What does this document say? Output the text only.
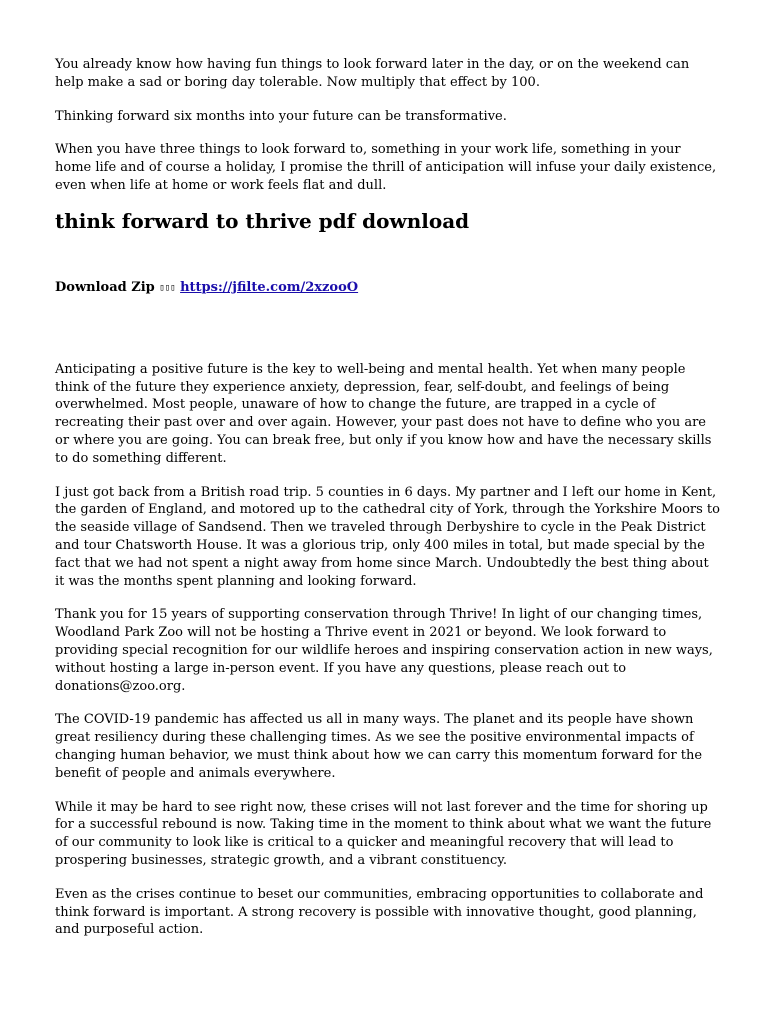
You already know how having fun things to look forward later in the day, or on the weekend can help make a sad or boring day tolerable. Now multiply that effect by 100.

Thinking forward six months into your future can be transformative.

When you have three things to look forward to, something in your work life, something in your home life and of course a holiday, I promise the thrill of anticipation will infuse your daily existence, even when life at home or work feels flat and dull.

think forward to thrive pdf download
Download Zip ▯▯▯ https://jfilte.com/2xzooO

Anticipating a positive future is the key to well-being and mental health. Yet when many people think of the future they experience anxiety, depression, fear, self-doubt, and feelings of being overwhelmed. Most people, unaware of how to change the future, are trapped in a cycle of recreating their past over and over again. However, your past does not have to define who you are or where you are going. You can break free, but only if you know how and have the necessary skills to do something different.

I just got back from a British road trip. 5 counties in 6 days. My partner and I left our home in Kent, the garden of England, and motored up to the cathedral city of York, through the Yorkshire Moors to the seaside village of Sandsend. Then we traveled through Derbyshire to cycle in the Peak District and tour Chatsworth House. It was a glorious trip, only 400 miles in total, but made special by the fact that we had not spent a night away from home since March. Undoubtedly the best thing about it was the months spent planning and looking forward.

Thank you for 15 years of supporting conservation through Thrive! In light of our changing times, Woodland Park Zoo will not be hosting a Thrive event in 2021 or beyond. We look forward to providing special recognition for our wildlife heroes and inspiring conservation action in new ways, without hosting a large in-person event. If you have any questions, please reach out to donations@zoo.org.

The COVID-19 pandemic has affected us all in many ways. The planet and its people have shown great resiliency during these challenging times. As we see the positive environmental impacts of changing human behavior, we must think about how we can carry this momentum forward for the benefit of people and animals everywhere.

While it may be hard to see right now, these crises will not last forever and the time for shoring up for a successful rebound is now. Taking time in the moment to think about what we want the future of our community to look like is critical to a quicker and meaningful recovery that will lead to prospering businesses, strategic growth, and a vibrant constituency.

Even as the crises continue to beset our communities, embracing opportunities to collaborate and think forward is important. A strong recovery is possible with innovative thought, good planning, and purposeful action.
